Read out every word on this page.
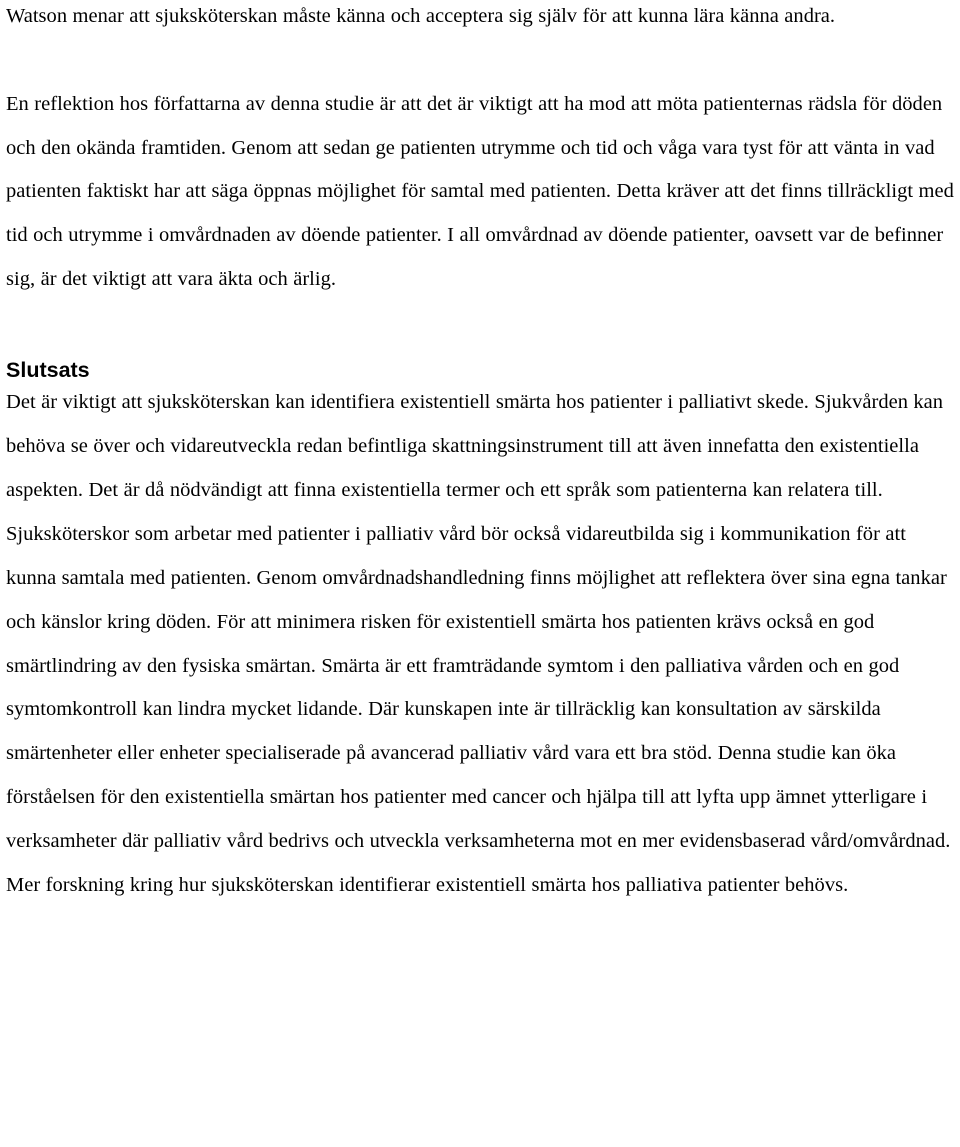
Watson menar att sjuksköterskan måste känna och acceptera sig själv för att kunna lära känna andra.

En reflektion hos författarna av denna studie är att det är viktigt att ha mod att möta patienternas rädsla för döden och den okända framtiden. Genom att sedan ge patienten utrymme och tid och våga vara tyst för att vänta in vad patienten faktiskt har att säga öppnas möjlighet för samtal med patienten. Detta kräver att det finns tillräckligt med tid och utrymme i omvårdnaden av döende patienter. I all omvårdnad av döende patienter, oavsett var de befinner sig, är det viktigt att vara äkta och ärlig.

Slutsats

Det är viktigt att sjuksköterskan kan identifiera existentiell smärta hos patienter i palliativt skede. Sjukvården kan behöva se över och vidareutveckla redan befintliga skattningsinstrument till att även innefatta den existentiella aspekten. Det är då nödvändigt att finna existentiella termer och ett språk som patienterna kan relatera till. Sjuksköterskor som arbetar med patienter i palliativ vård bör också vidareutbilda sig i kommunikation för att kunna samtala med patienten. Genom omvårdnadshandledning finns möjlighet att reflektera över sina egna tankar och känslor kring döden. För att minimera risken för existentiell smärta hos patienten krävs också en god smärtlindring av den fysiska smärtan. Smärta är ett framträdande symtom i den palliativa vården och en god symtomkontroll kan lindra mycket lidande. Där kunskapen inte är tillräcklig kan konsultation av särskilda smärtenheter eller enheter specialiserade på avancerad palliativ vård vara ett bra stöd. Denna studie kan öka förståelsen för den existentiella smärtan hos patienter med cancer och hjälpa till att lyfta upp ämnet ytterligare i verksamheter där palliativ vård bedrivs och utveckla verksamheterna mot en mer evidensbaserad vård/omvårdnad. Mer forskning kring hur sjuksköterskan identifierar existentiell smärta hos palliativa patienter behövs.
